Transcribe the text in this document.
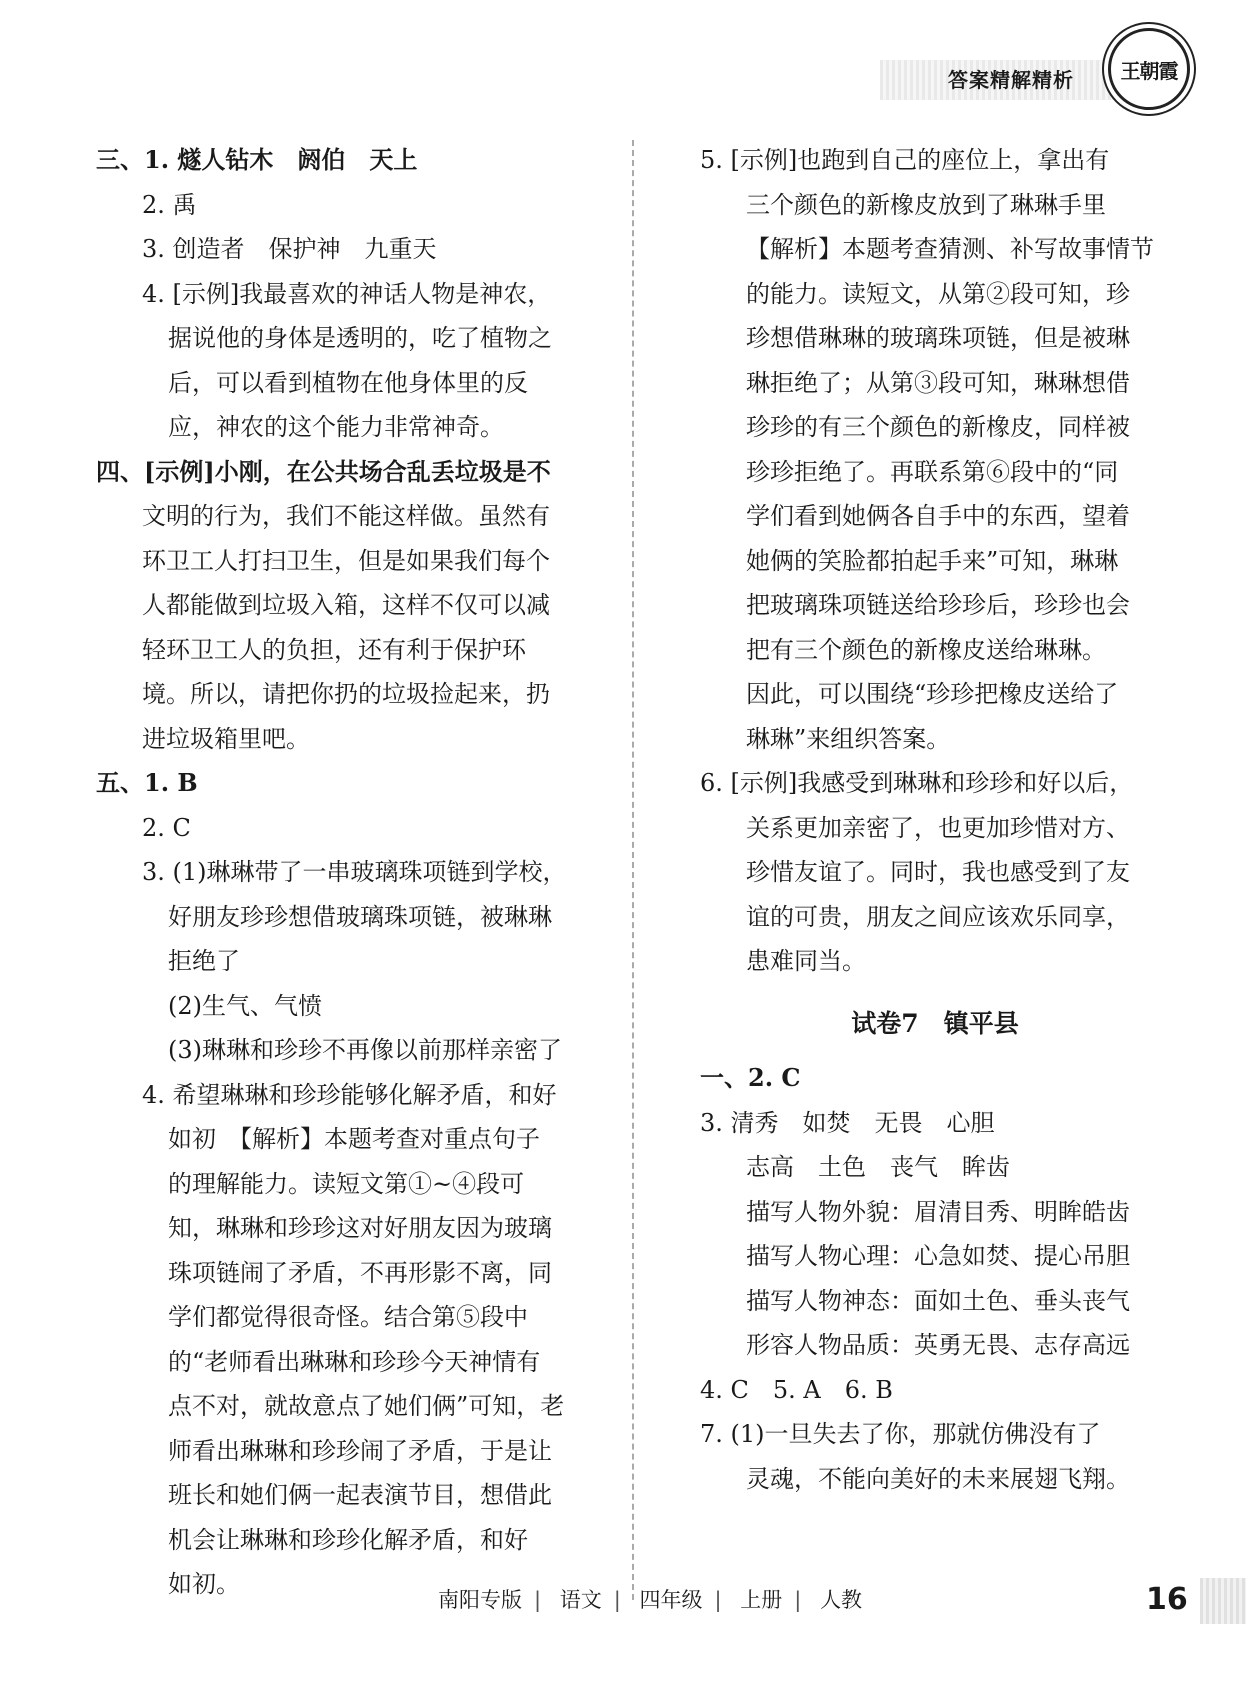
答案精解精析 王朝霞
三、1. 燧人钻木　阏伯　天上
2. 禹
3. 创造者　保护神　九重天
4. [示例]我最喜欢的神话人物是神农，
据说他的身体是透明的，吃了植物之
后，可以看到植物在他身体里的反
应，神农的这个能力非常神奇。
四、[示例]小刚，在公共场合乱丢垃圾是不
文明的行为，我们不能这样做。虽然有
环卫工人打扫卫生，但是如果我们每个
人都能做到垃圾入箱，这样不仅可以减
轻环卫工人的负担，还有利于保护环
境。所以，请把你扔的垃圾捡起来，扔
进垃圾箱里吧。
五、1. B
2. C
3. (1)琳琳带了一串玻璃珠项链到学校，
好朋友珍珍想借玻璃珠项链，被琳琳
拒绝了
(2)生气、气愤
(3)琳琳和珍珍不再像以前那样亲密了
4. 希望琳琳和珍珍能够化解矛盾，和好
如初　【解析】本题考查对重点句子
的理解能力。读短文第①~④段可
知，琳琳和珍珍这对好朋友因为玻璃
珠项链闹了矛盾，不再形影不离，同
学们都觉得很奇怪。结合第⑤段中
的“老师看出琳琳和珍珍今天神情有
点不对，就故意点了她们俩”可知，老
师看出琳琳和珍珍闹了矛盾，于是让
班长和她们俩一起表演节目，想借此
机会让琳琳和珍珍化解矛盾，和好
如初。
5. [示例]也跑到自己的座位上，拿出有
三个颜色的新橡皮放到了琳琳手里
【解析】本题考查猜测、补写故事情节
的能力。读短文，从第②段可知，珍
珍想借琳琳的玻璃珠项链，但是被琳
琳拒绝了；从第③段可知，琳琳想借
珍珍的有三个颜色的新橡皮，同样被
珍珍拒绝了。再联系第⑥段中的“同
学们看到她俩各自手中的东西，望着
她俩的笑脸都拍起手来”可知，琳琳
把玻璃珠项链送给珍珍后，珍珍也会
把有三个颜色的新橡皮送给琳琳。
因此，可以围绕“珍珍把橡皮送给了
琳琳”来组织答案。
6. [示例]我感受到琳琳和珍珍和好以后，
关系更加亲密了，也更加珍惜对方、
珍惜友谊了。同时，我也感受到了友
谊的可贵，朋友之间应该欢乐同享，
患难同当。
试卷7　镇平县
一、2. C
3. 清秀　如焚　无畏　心胆
志高　土色　丧气　眸齿
描写人物外貌：眉清目秀、明眸皓齿
描写人物心理：心急如焚、提心吊胆
描写人物神态：面如土色、垂头丧气
形容人物品质：英勇无畏、志存高远
4. C　5. A　6. B
7. (1)一旦失去了你，那就仿佛没有了
灵魂，不能向美好的未来展翅飞翔。
南阳专版 | 语文 | 四年级 | 上册 | 人教	16
